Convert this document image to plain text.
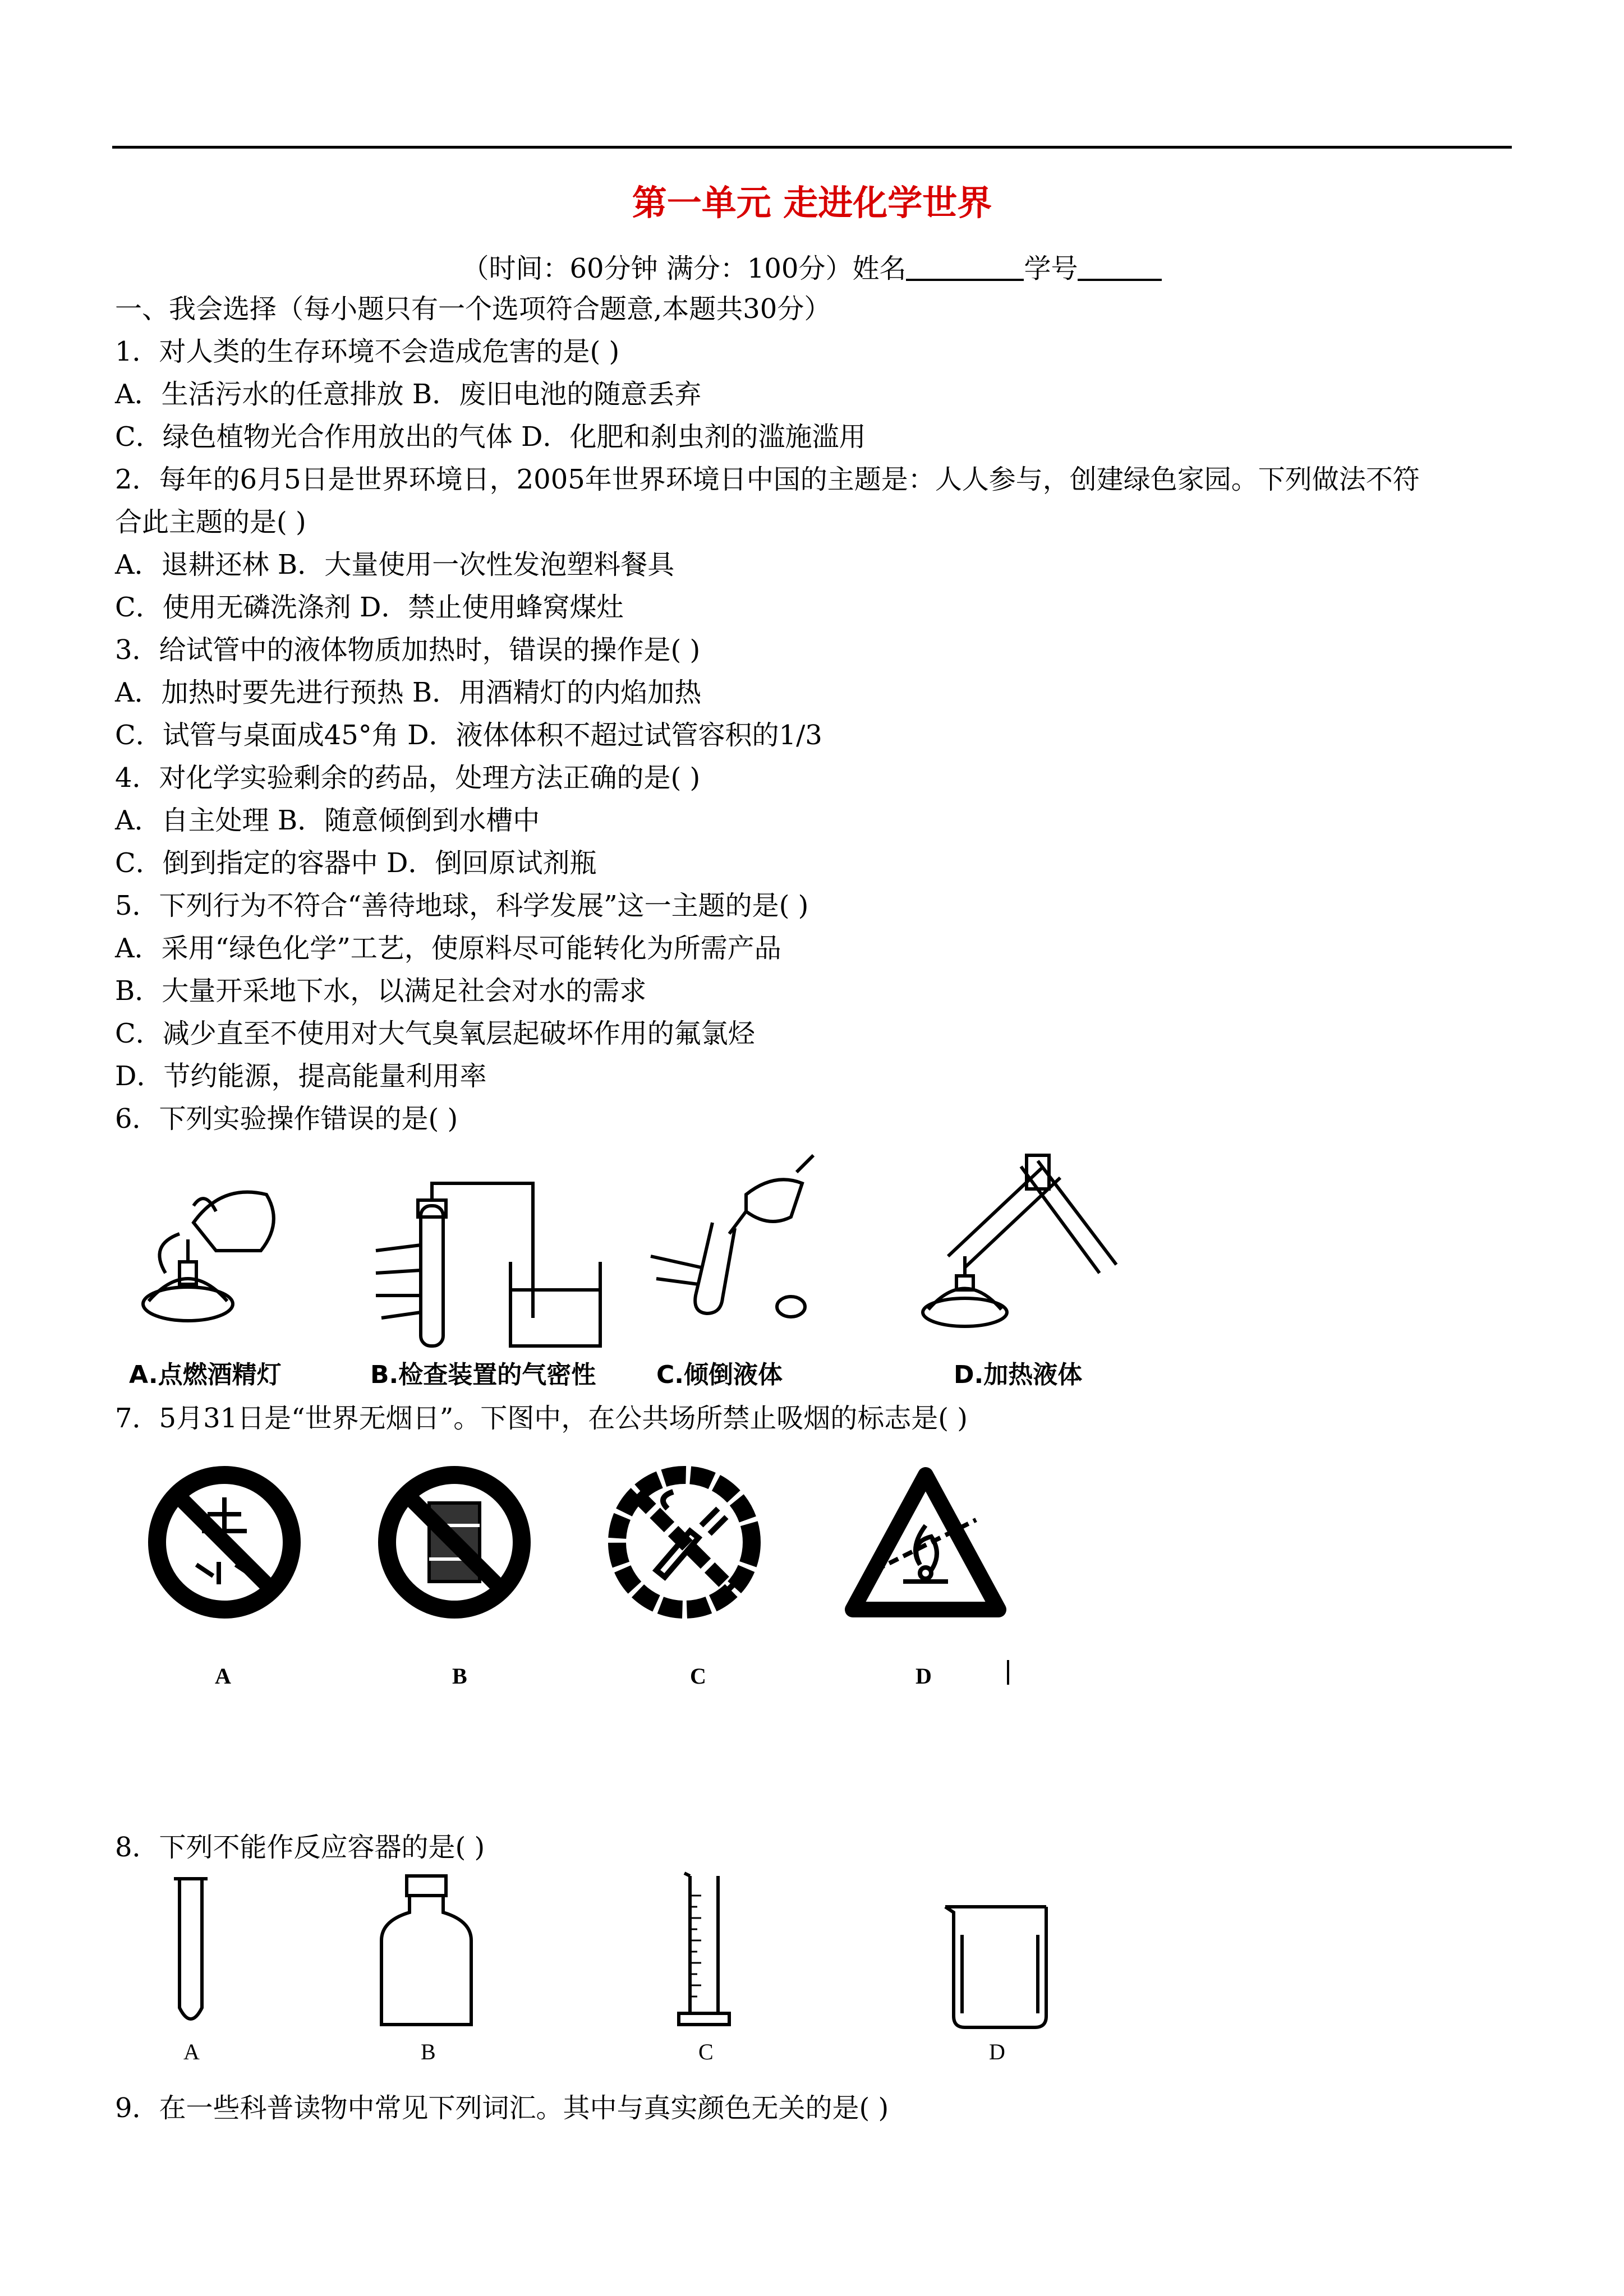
第一单元 走进化学世界
（时间：60分钟 满分：100分）姓名	学号
一、我会选择（每小题只有一个选项符合题意,本题共30分）
1．对人类的生存环境不会造成危害的是( )
A．生活污水的任意排放 B．废旧电池的随意丢弃
C．绿色植物光合作用放出的气体 D．化肥和刹虫剂的滥施滥用
2．每年的6月5日是世界环境日，2005年世界环境日中国的主题是：人人参与，创建绿色家园。下列做法不符
合此主题的是( )
A．退耕还林 B．大量使用一次性发泡塑料餐具
C．使用无磷洗涤剂 D．禁止使用蜂窝煤灶
3．给试管中的液体物质加热时，错误的操作是( )
A．加热时要先进行预热 B．用酒精灯的内焰加热
C．试管与桌面成45°角 D．液体体积不超过试管容积的1/3
4．对化学实验剩余的药品，处理方法正确的是( )
A．自主处理 B．随意倾倒到水槽中
C．倒到指定的容器中 D．倒回原试剂瓶
5．下列行为不符合“善待地球，科学发展”这一主题的是( )
A．采用“绿色化学”工艺，使原料尽可能转化为所需产品
B．大量开采地下水，以满足社会对水的需求
C．减少直至不使用对大气臭氧层起破坏作用的氟氯烃
D．节约能源，提高能量利用率
6．下列实验操作错误的是( )
A.点燃酒精灯	B.检查装置的气密性 C.倾倒液体	D.加热液体
7．5月31日是“世界无烟日”。下图中，在公共场所禁止吸烟的标志是( )
A	B	C	D
8．下列不能作反应容器的是( )
A	B	C	D
9．在一些科普读物中常见下列词汇。其中与真实颜色无关的是( )
